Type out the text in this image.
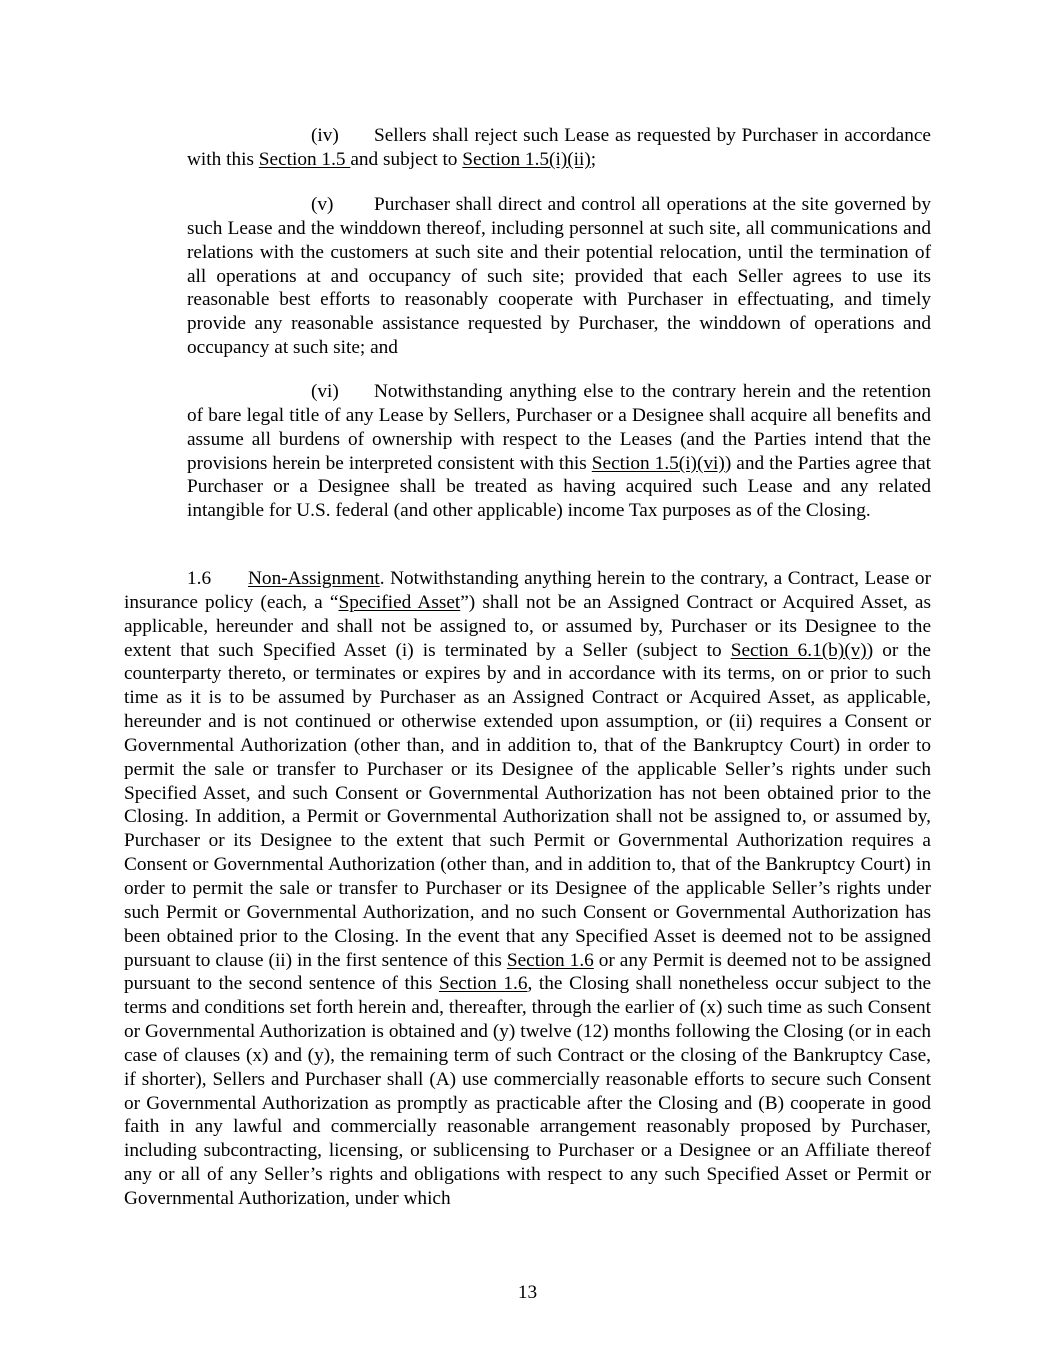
(iv) Sellers shall reject such Lease as requested by Purchaser in accordance with this Section 1.5 and subject to Section 1.5(i)(ii);

(v) Purchaser shall direct and control all operations at the site governed by such Lease and the winddown thereof, including personnel at such site, all communications and relations with the customers at such site and their potential relocation, until the termination of all operations at and occupancy of such site; provided that each Seller agrees to use its reasonable best efforts to reasonably cooperate with Purchaser in effectuating, and timely provide any reasonable assistance requested by Purchaser, the winddown of operations and occupancy at such site; and

(vi) Notwithstanding anything else to the contrary herein and the retention of bare legal title of any Lease by Sellers, Purchaser or a Designee shall acquire all benefits and assume all burdens of ownership with respect to the Leases (and the Parties intend that the provisions herein be interpreted consistent with this Section 1.5(i)(vi)) and the Parties agree that Purchaser or a Designee shall be treated as having acquired such Lease and any related intangible for U.S. federal (and other applicable) income Tax purposes as of the Closing.

1.6 Non-Assignment. Notwithstanding anything herein to the contrary, a Contract, Lease or insurance policy (each, a “Specified Asset”) shall not be an Assigned Contract or Acquired Asset, as applicable, hereunder and shall not be assigned to, or assumed by, Purchaser or its Designee to the extent that such Specified Asset (i) is terminated by a Seller (subject to Section 6.1(b)(v)) or the counterparty thereto, or terminates or expires by and in accordance with its terms, on or prior to such time as it is to be assumed by Purchaser as an Assigned Contract or Acquired Asset, as applicable, hereunder and is not continued or otherwise extended upon assumption, or (ii) requires a Consent or Governmental Authorization (other than, and in addition to, that of the Bankruptcy Court) in order to permit the sale or transfer to Purchaser or its Designee of the applicable Seller’s rights under such Specified Asset, and such Consent or Governmental Authorization has not been obtained prior to the Closing. In addition, a Permit or Governmental Authorization shall not be assigned to, or assumed by, Purchaser or its Designee to the extent that such Permit or Governmental Authorization requires a Consent or Governmental Authorization (other than, and in addition to, that of the Bankruptcy Court) in order to permit the sale or transfer to Purchaser or its Designee of the applicable Seller’s rights under such Permit or Governmental Authorization, and no such Consent or Governmental Authorization has been obtained prior to the Closing. In the event that any Specified Asset is deemed not to be assigned pursuant to clause (ii) in the first sentence of this Section 1.6 or any Permit is deemed not to be assigned pursuant to the second sentence of this Section 1.6, the Closing shall nonetheless occur subject to the terms and conditions set forth herein and, thereafter, through the earlier of (x) such time as such Consent or Governmental Authorization is obtained and (y) twelve (12) months following the Closing (or in each case of clauses (x) and (y), the remaining term of such Contract or the closing of the Bankruptcy Case, if shorter), Sellers and Purchaser shall (A) use commercially reasonable efforts to secure such Consent or Governmental Authorization as promptly as practicable after the Closing and (B) cooperate in good faith in any lawful and commercially reasonable arrangement reasonably proposed by Purchaser, including subcontracting, licensing, or sublicensing to Purchaser or a Designee or an Affiliate thereof any or all of any Seller’s rights and obligations with respect to any such Specified Asset or Permit or Governmental Authorization, under which

13
